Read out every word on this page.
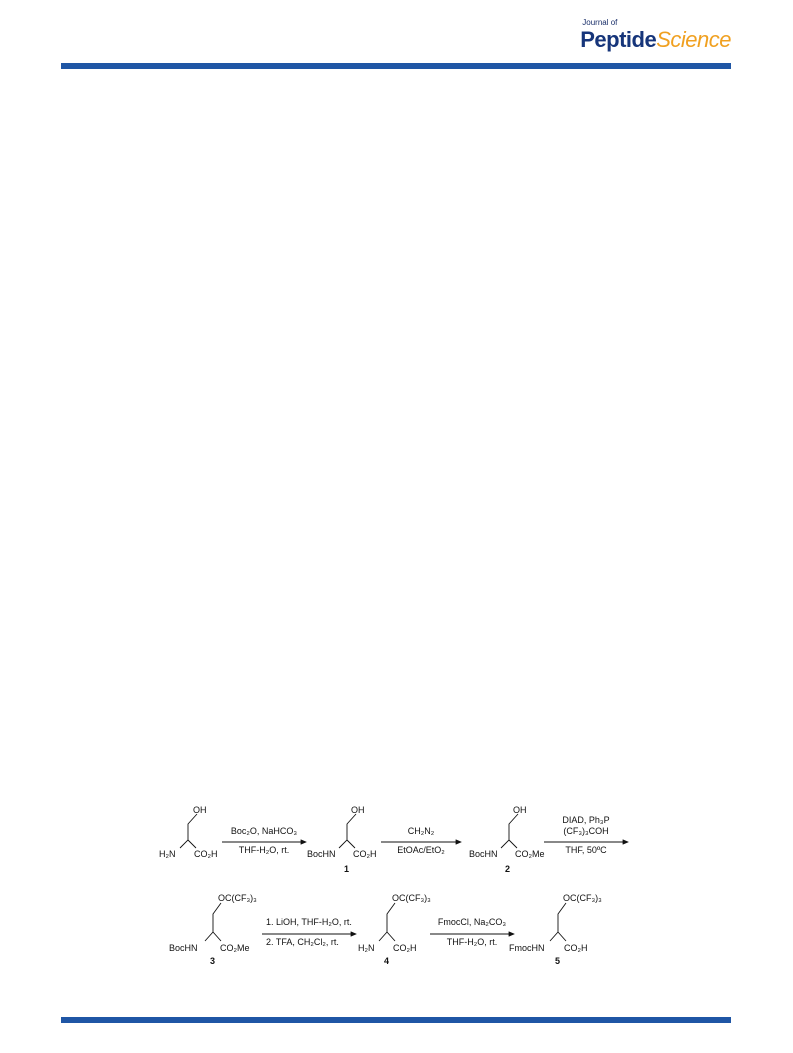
Journal of
PeptideScience
OH
H₂N CO₂H
Boc₂O, NaHCO₃
THF-H₂O, rt.
OH
BocHN CO₂H
1
CH₂N₂
EtOAc/EtO₂
OH
BocHN CO₂Me
2
DIAD, Ph₃P
(CF₃)₃COH
THF, 50ºC
OC(CF₃)₃
BocHN CO₂Me
3
1. LiOH, THF-H₂O, rt.
2. TFA, CH₂Cl₂, rt.
OC(CF₃)₃
H₂N CO₂H
4
FmocCl, Na₂CO₃
THF-H₂O, rt.
OC(CF₃)₃
FmocHN CO₂H
5
